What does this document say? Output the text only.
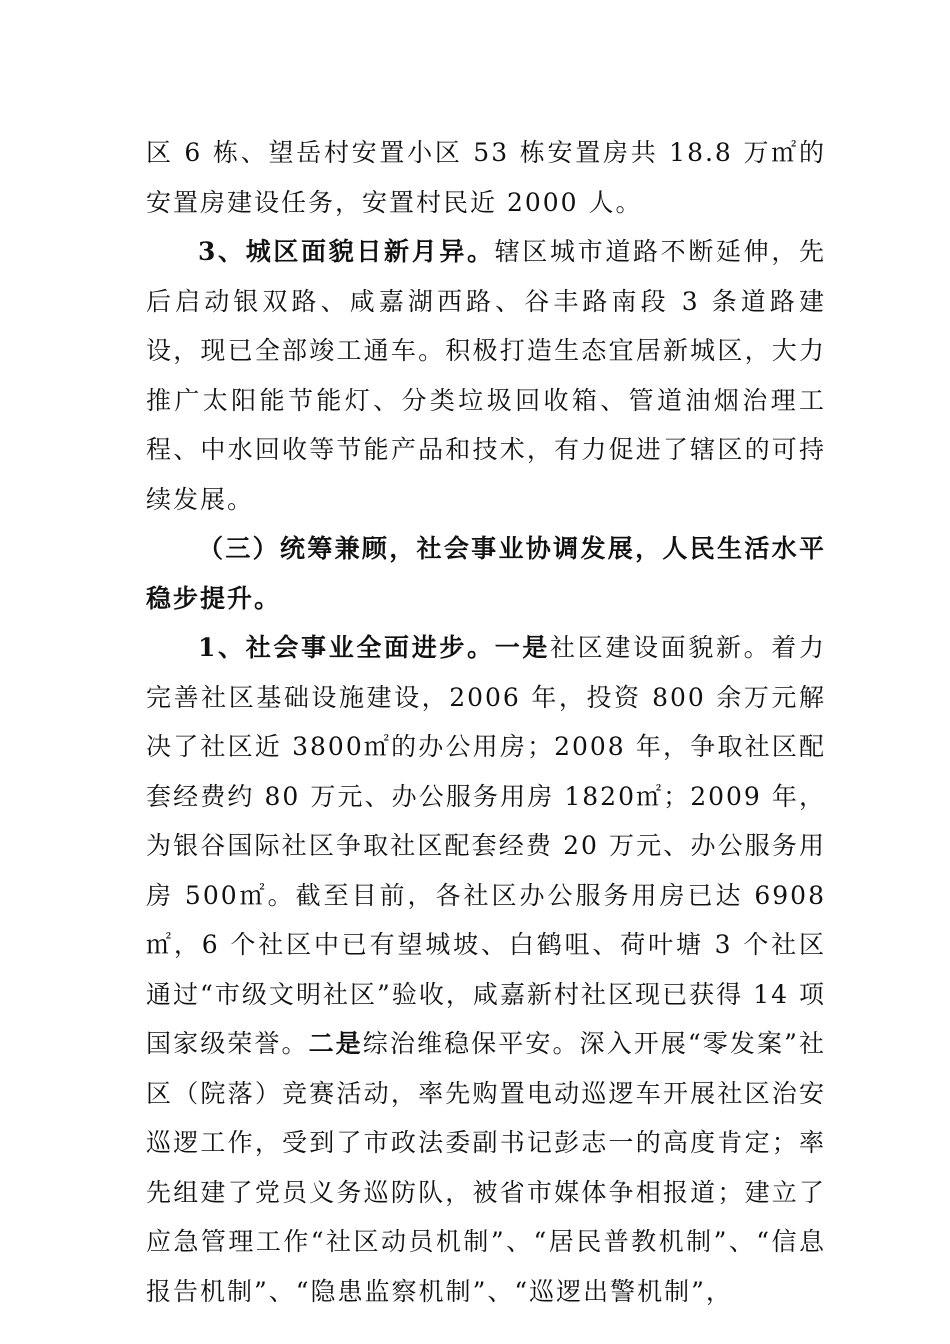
区 6 栋、望岳村安置小区 53 栋安置房共 18.8 万㎡的安置房建设任务，安置村民近 2000 人。

3、城区面貌日新月异。辖区城市道路不断延伸，先后启动银双路、咸嘉湖西路、谷丰路南段 3 条道路建设，现已全部竣工通车。积极打造生态宜居新城区，大力推广太阳能节能灯、分类垃圾回收箱、管道油烟治理工程、中水回收等节能产品和技术，有力促进了辖区的可持续发展。

（三）统筹兼顾，社会事业协调发展，人民生活水平稳步提升。

1、社会事业全面进步。一是社区建设面貌新。着力完善社区基础设施建设，2006 年，投资 800 余万元解决了社区近 3800㎡的办公用房；2008 年，争取社区配套经费约 80 万元、办公服务用房 1820㎡；2009 年，为银谷国际社区争取社区配套经费 20 万元、办公服务用房 500㎡。截至目前，各社区办公服务用房已达 6908㎡，6 个社区中已有望城坡、白鹤咀、荷叶塘 3 个社区通过“市级文明社区”验收，咸嘉新村社区现已获得 14 项国家级荣誉。二是综治维稳保平安。深入开展“零发案”社区（院落）竞赛活动，率先购置电动巡逻车开展社区治安巡逻工作，受到了市政法委副书记彭志一的高度肯定；率先组建了党员义务巡防队，被省市媒体争相报道；建立了应急管理工作“社区动员机制”、“居民普教机制”、“信息报告机制”、“隐患监察机制”、“巡逻出警机制”，
